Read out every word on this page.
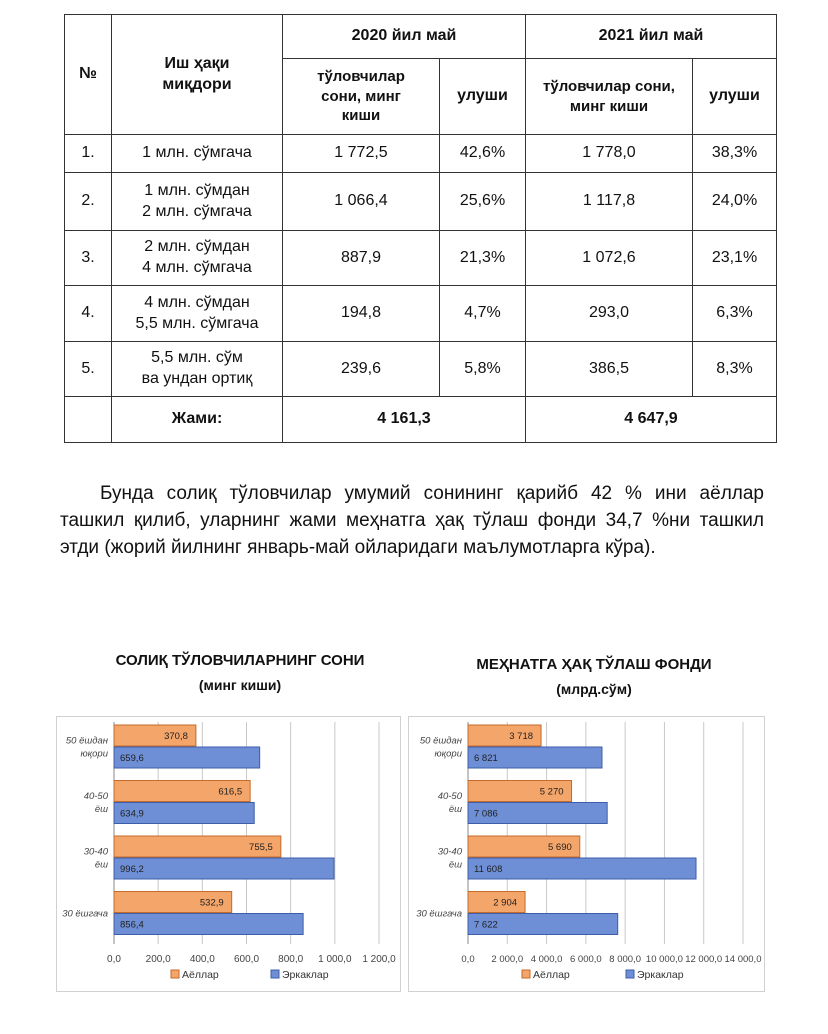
№	Иш ҳақи миқдори	2020 йил май		2021 йил май	
		тўловчилар сони, минг киши	улуши	тўловчилар сони, минг киши	улуши
1.	1 млн. сўмгача	1 772,5	42,6%	1 778,0	38,3%
2.	1 млн. сўмдан
2 млн. сўмгача	1 066,4	25,6%	1 117,8	24,0%
3.	2 млн. сўмдан
4 млн. сўмгача	887,9	21,3%	1 072,6	23,1%
4.	4 млн. сўмдан
5,5 млн. сўмгача	194,8	4,7%	293,0	6,3%
5.	5,5 млн. сўм
ва ундан ортиқ	239,6	5,8%	386,5	8,3%
	Жами:	4 161,3		4 647,9	
Бунда солиқ тўловчилар умумий сонининг қарийб 42 % ини аёллар ташкил қилиб, уларнинг жами меҳнатга ҳақ тўлаш фонди 34,7 %ни ташкил этди (жорий йилнинг январь-май ойларидаги маълумотларга кўра).
СОЛИҚ ТЎЛОВЧИЛАРНИНГ СОНИ
(минг киши)
МЕҲНАТГА ҲАҚ ТЎЛАШ ФОНДИ
(млрд.сўм)
0,0 200,0 400,0 600,0 800,0 1 000,0 1 200,0
50 ёшдан
юқори
370,8
659,6
40-50
ёш
616,5
634,9
30-40
ёш
755,5
996,2
30 ёшгача
532,9
856,4
Аёллар	Эркаклар
0,0 2 000,0 4 000,0 6 000,0 8 000,0 10 000,0 12 000,0 14 000,0
50 ёшдан
юқори
3 718
6 821
40-50
ёш
5 270
7 086
30-40
ёш
5 690
11 608
30 ёшгача
2 904
7 622
Аёллар	Эркаклар
